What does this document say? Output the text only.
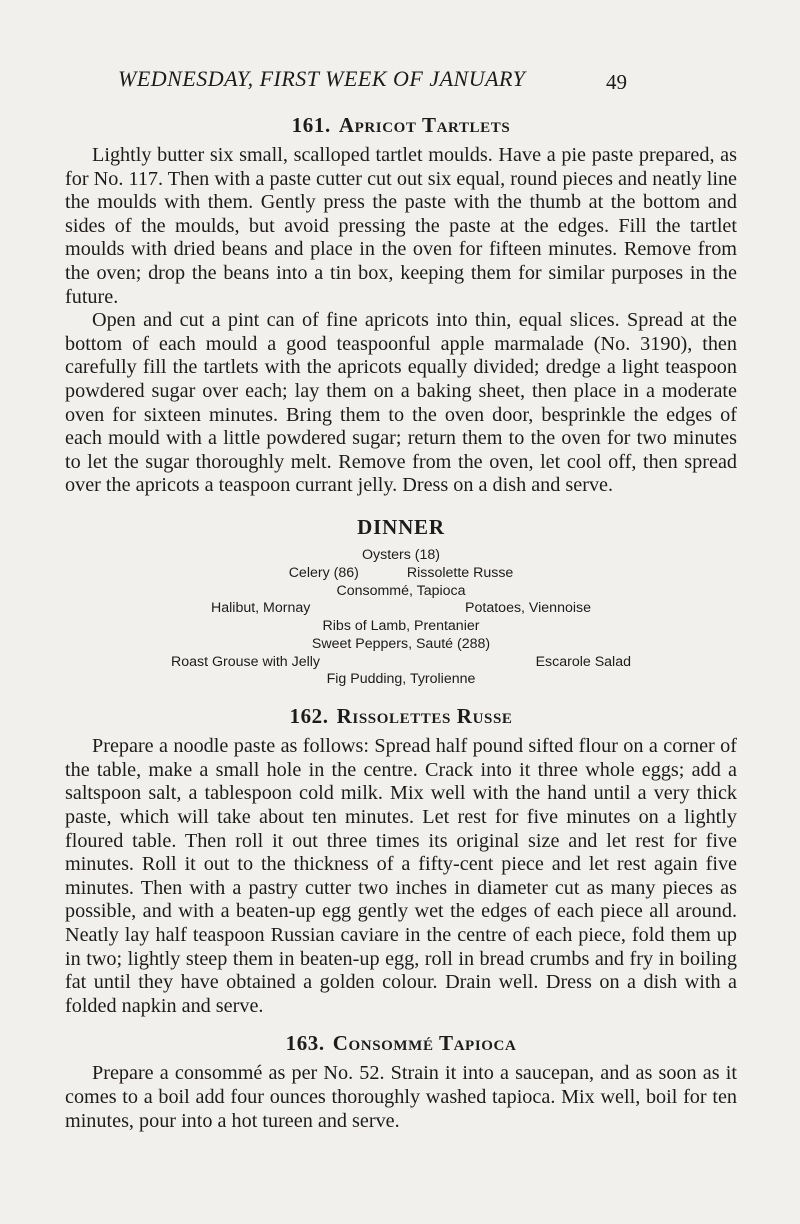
WEDNESDAY, FIRST WEEK OF JANUARY	49
161. Apricot Tartlets

Lightly butter six small, scalloped tartlet moulds. Have a pie paste prepared, as for No. 117. Then with a paste cutter cut out six equal, round pieces and neatly line the moulds with them. Gently press the paste with the thumb at the bottom and sides of the moulds, but avoid pressing the paste at the edges. Fill the tartlet moulds with dried beans and place in the oven for fifteen minutes. Remove from the oven; drop the beans into a tin box, keeping them for similar purposes in the future.

Open and cut a pint can of fine apricots into thin, equal slices. Spread at the bottom of each mould a good teaspoonful apple marmalade (No. 3190), then carefully fill the tartlets with the apricots equally divided; dredge a light teaspoon powdered sugar over each; lay them on a baking sheet, then place in a moderate oven for sixteen minutes. Bring them to the oven door, besprinkle the edges of each mould with a little powdered sugar; return them to the oven for two minutes to let the sugar thoroughly melt. Remove from the oven, let cool off, then spread over the apricots a teaspoon currant jelly. Dress on a dish and serve.

DINNER
Oysters (18)
Celery (86)	Rissolette Russe
Consommé, Tapioca
Halibut, Mornay	Potatoes, Viennoise
Ribs of Lamb, Prentanier
Sweet Peppers, Sauté (288)
Roast Grouse with Jelly	Escarole Salad
Fig Pudding, Tyrolienne
162. Rissolettes Russe

Prepare a noodle paste as follows: Spread half pound sifted flour on a corner of the table, make a small hole in the centre. Crack into it three whole eggs; add a saltspoon salt, a tablespoon cold milk. Mix well with the hand until a very thick paste, which will take about ten minutes. Let rest for five minutes on a lightly floured table. Then roll it out three times its original size and let rest for five minutes. Roll it out to the thickness of a fifty-cent piece and let rest again five minutes. Then with a pastry cutter two inches in diameter cut as many pieces as possible, and with a beaten-up egg gently wet the edges of each piece all around. Neatly lay half teaspoon Russian caviare in the centre of each piece, fold them up in two; lightly steep them in beaten-up egg, roll in bread crumbs and fry in boiling fat until they have obtained a golden colour. Drain well. Dress on a dish with a folded napkin and serve.

163. Consommé Tapioca

Prepare a consommé as per No. 52. Strain it into a saucepan, and as soon as it comes to a boil add four ounces thoroughly washed tapioca. Mix well, boil for ten minutes, pour into a hot tureen and serve.
